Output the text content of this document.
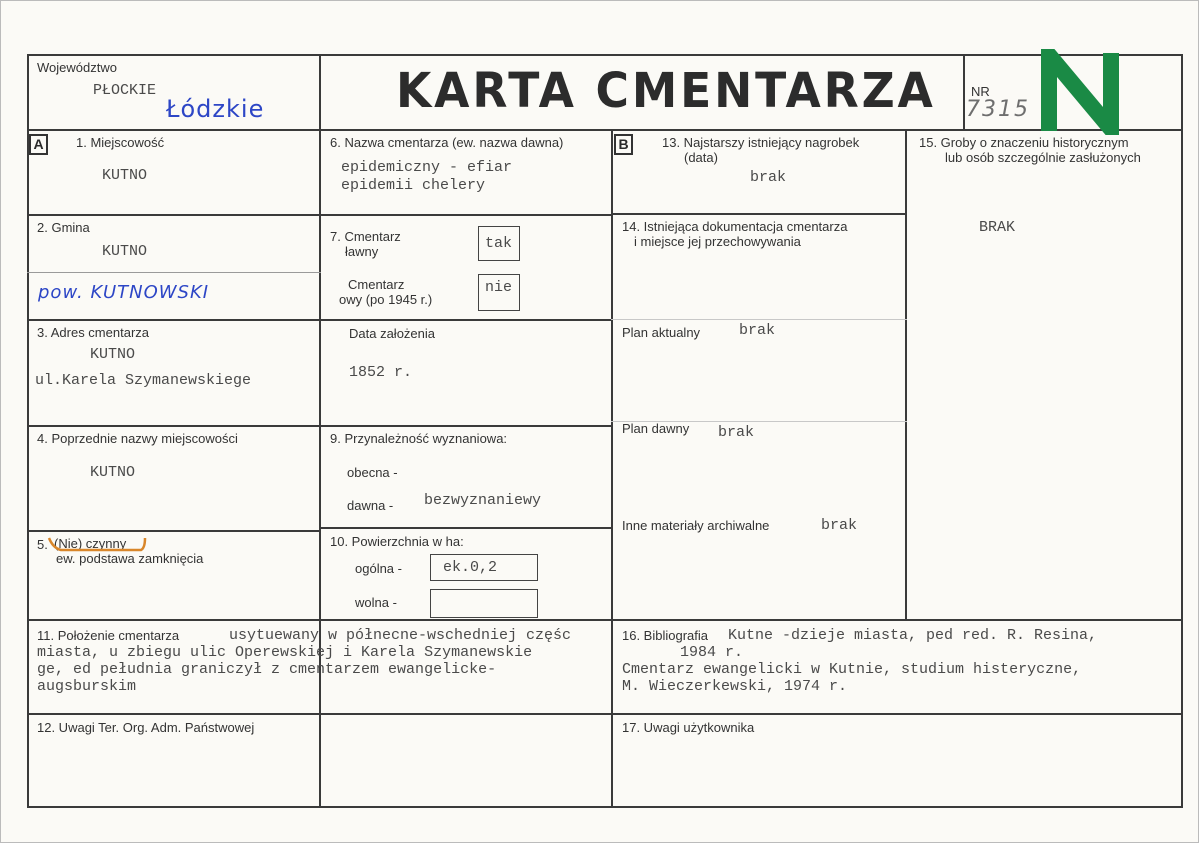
Województwo
PŁOCKIE
Łódzkie	KARTA CMENTARZA	NR
7315
A	1. Miejscowość
KUTNO
2. Gmina
KUTNO
pow. KUTNOWSKI
3. Adres cmentarza
KUTNO
ul.Karela Szymanewskiege
4. Poprzednie nazwy miejscowości
KUTNO
5. (Nie) czynny
ew. podstawa zamknięcia
6. Nazwa cmentarza (ew. nazwa dawna)
epidemiczny - efiar
epidemii chelery
7. Cmentarz
ławny	tak
Cmentarz
owy (po 1945 r.)
nie
Data założenia
1852 r.
9. Przynależność wyznaniowa:
obecna -
dawna - bezwyznaniewy
10. Powierzchnia w ha:
ogólna -	ek.0,2
wolna -
B	13. Najstarszy istniejący nagrobek
(data)
brak
14. Istniejąca dokumentacja cmentarza
i miejsce jej przechowywania
Plan aktualny	brak
Plan dawny brak
Inne materiały archiwalne	brak
15. Groby o znaczeniu historycznym
lub osób szczególnie zasłużonych
BRAK
11. Położenie cmentarza	usytuewany w półnecne-wschedniej częśc
miasta, u zbiegu ulic Operewskiej i Karela Szymanewskie
ge, ed pełudnia graniczył z cmentarzem ewangelicke-
augsburskim
16. Bibliografia Kutne -dzieje miasta, ped red. R. Resina,
1984 r.
Cmentarz ewangelicki w Kutnie, studium histeryczne,
M. Wieczerkewski, 1974 r.
12. Uwagi Ter. Org. Adm. Państwowej	17. Uwagi użytkownika
